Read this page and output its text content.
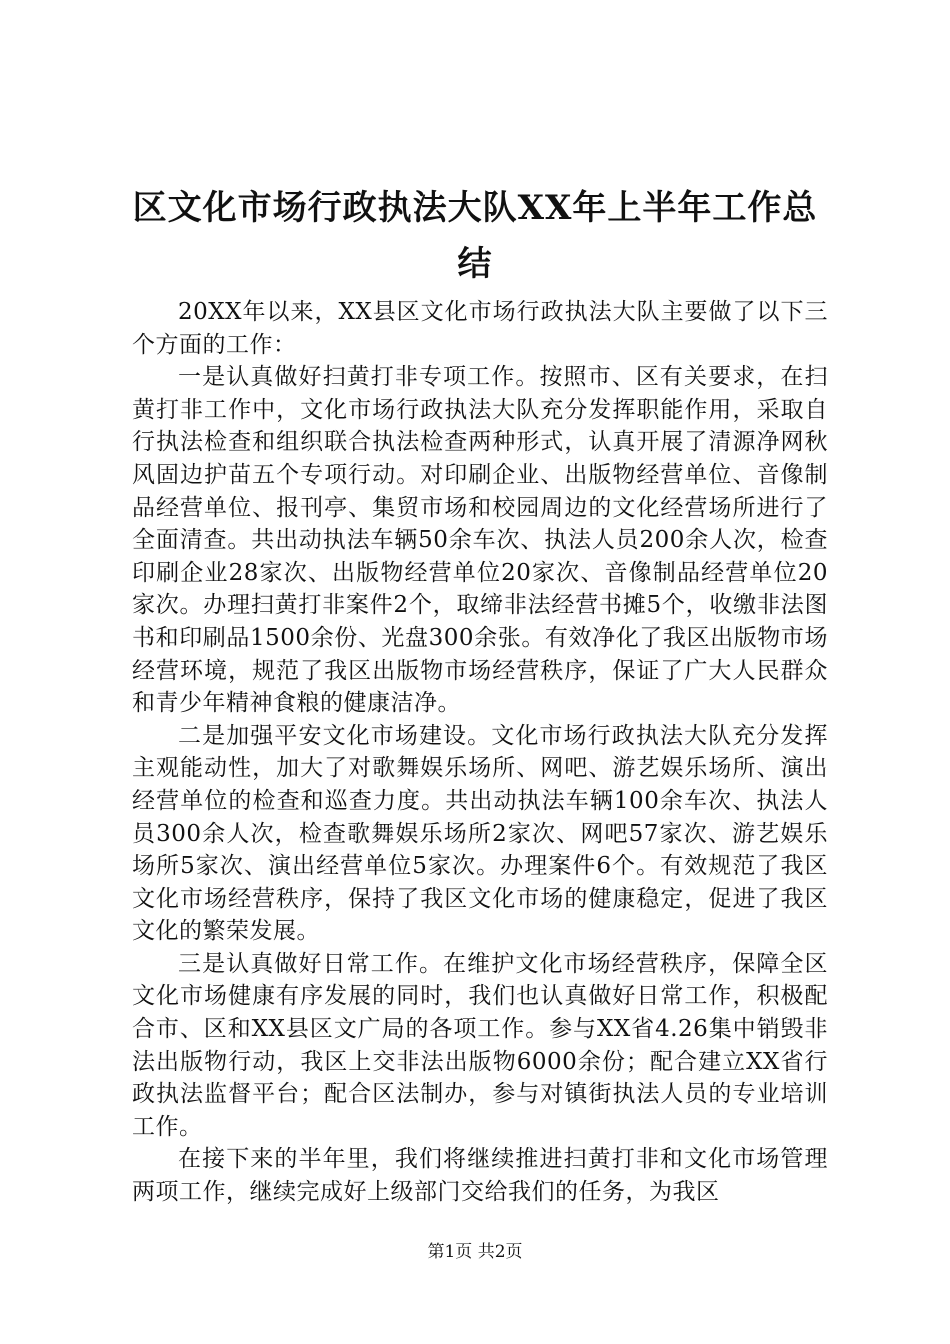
区文化市场行政执法大队XX年上半年工作总结

20XX年以来，XX县区文化市场行政执法大队主要做了以下三个方面的工作：

一是认真做好扫黄打非专项工作。按照市、区有关要求，在扫黄打非工作中，文化市场行政执法大队充分发挥职能作用，采取自行执法检查和组织联合执法检查两种形式，认真开展了清源净网秋风固边护苗五个专项行动。对印刷企业、出版物经营单位、音像制品经营单位、报刊亭、集贸市场和校园周边的文化经营场所进行了全面清查。共出动执法车辆50余车次、执法人员200余人次，检查印刷企业28家次、出版物经营单位20家次、音像制品经营单位20家次。办理扫黄打非案件2个，取缔非法经营书摊5个，收缴非法图书和印刷品1500余份、光盘300余张。有效净化了我区出版物市场经营环境，规范了我区出版物市场经营秩序，保证了广大人民群众和青少年精神食粮的健康洁净。

二是加强平安文化市场建设。文化市场行政执法大队充分发挥主观能动性，加大了对歌舞娱乐场所、网吧、游艺娱乐场所、演出经营单位的检查和巡查力度。共出动执法车辆100余车次、执法人员300余人次，检查歌舞娱乐场所2家次、网吧57家次、游艺娱乐场所5家次、演出经营单位5家次。办理案件6个。有效规范了我区文化市场经营秩序，保持了我区文化市场的健康稳定，促进了我区文化的繁荣发展。

三是认真做好日常工作。在维护文化市场经营秩序，保障全区文化市场健康有序发展的同时，我们也认真做好日常工作，积极配合市、区和XX县区文广局的各项工作。参与XX省4.26集中销毁非法出版物行动，我区上交非法出版物6000余份；配合建立XX省行政执法监督平台；配合区法制办，参与对镇街执法人员的专业培训工作。

在接下来的半年里，我们将继续推进扫黄打非和文化市场管理两项工作，继续完成好上级部门交给我们的任务，为我区

第1页 共2页
